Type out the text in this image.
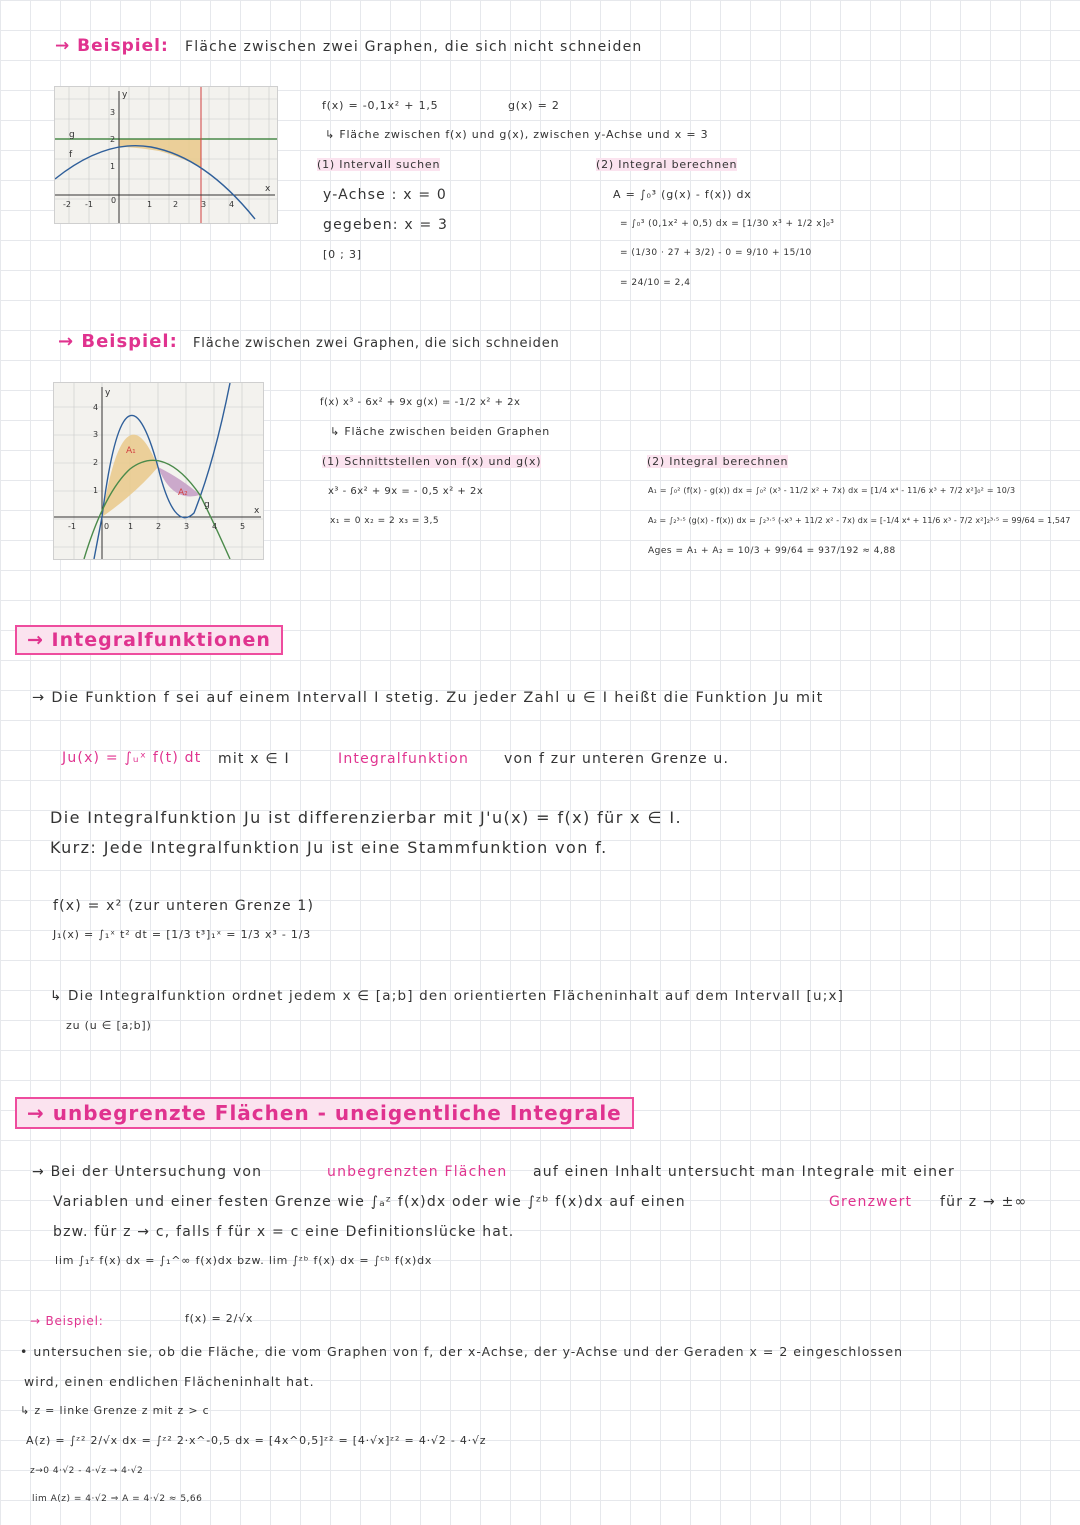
→ Beispiel: Fläche zwischen zwei Graphen, die sich nicht schneiden
g
f
y
x
-2 -1 0	1	2	3	4
1
2
3
f(x) = -0,1x² + 1,5	g(x) = 2
↳ Fläche zwischen f(x) und g(x), zwischen y-Achse und x = 3
(1) Intervall suchen
y-Achse : x = 0
gegeben: x = 3
[0 ; 3]
(2) Integral berechnen
A = ∫₀³ (g(x) - f(x)) dx
= ∫₀³ (0,1x² + 0,5) dx = [1/30 x³ + 1/2 x]₀³
= (1/30 · 27 + 3/2) - 0 = 9/10 + 15/10
= 24/10 = 2,4
→ Beispiel: Fläche zwischen zwei Graphen, die sich schneiden
A₁
A₂
g
y
x
-1	0 1	2	3	4	5
1
2
3
4	f(x) x³ - 6x² + 9x g(x) = -1/2 x² + 2x
↳ Fläche zwischen beiden Graphen
(1) Schnittstellen von f(x) und g(x)
x³ - 6x² + 9x = - 0,5 x² + 2x
x₁ = 0 x₂ = 2 x₃ = 3,5
(2) Integral berechnen
A₁ = ∫₀² (f(x) - g(x)) dx = ∫₀² (x³ - 11/2 x² + 7x) dx = [1/4 x⁴ - 11/6 x³ + 7/2 x²]₀² = 10/3
A₂ = ∫₂³·⁵ (g(x) - f(x)) dx = ∫₂³·⁵ (-x³ + 11/2 x² - 7x) dx = [-1/4 x⁴ + 11/6 x³ - 7/2 x²]₂³·⁵ = 99/64 = 1,547
Ages = A₁ + A₂ = 10/3 + 99/64 = 937/192 ≈ 4,88
→ Integralfunktionen
→ Die Funktion f sei auf einem Intervall I stetig. Zu jeder Zahl u ∈ I heißt die Funktion Ju mit
Ju(x) = ∫ᵤˣ f(t) dt mit x ∈ I	Integralfunktion von f zur unteren Grenze u.
Die Integralfunktion Ju ist differenzierbar mit J'u(x) = f(x) für x ∈ I.
Kurz: Jede Integralfunktion Ju ist eine Stammfunktion von f.
f(x) = x² (zur unteren Grenze 1)
J₁(x) = ∫₁ˣ t² dt = [1/3 t³]₁ˣ = 1/3 x³ - 1/3
↳ Die Integralfunktion ordnet jedem x ∈ [a;b] den orientierten Flächeninhalt auf dem Intervall [u;x]
zu (u ∈ [a;b])
→ unbegrenzte Flächen - uneigentliche Integrale
→ Bei der Untersuchung von	unbegrenzten Flächen auf einen Inhalt untersucht man Integrale mit einer
Variablen und einer festen Grenze wie ∫ₐᶻ f(x)dx oder wie ∫ᶻᵇ f(x)dx auf einen	Grenzwert für z → ±∞
bzw. für z → c, falls f für x = c eine Definitionslücke hat.
lim ∫₁ᶻ f(x) dx = ∫₁^∞ f(x)dx bzw. lim ∫ᶻᵇ f(x) dx = ∫ᶜᵇ f(x)dx
→ Beispiel:	f(x) = 2/√x
• untersuchen sie, ob die Fläche, die vom Graphen von f, der x-Achse, der y-Achse und der Geraden x = 2 eingeschlossen
wird, einen endlichen Flächeninhalt hat.
↳ z = linke Grenze z mit z > c
A(z) = ∫ᶻ² 2/√x dx = ∫ᶻ² 2·x^-0,5 dx = [4x^0,5]ᶻ² = [4·√x]ᶻ² = 4·√2 - 4·√z
z→0 4·√2 - 4·√z → 4·√2
lim A(z) = 4·√2 ⇒ A = 4·√2 ≈ 5,66
